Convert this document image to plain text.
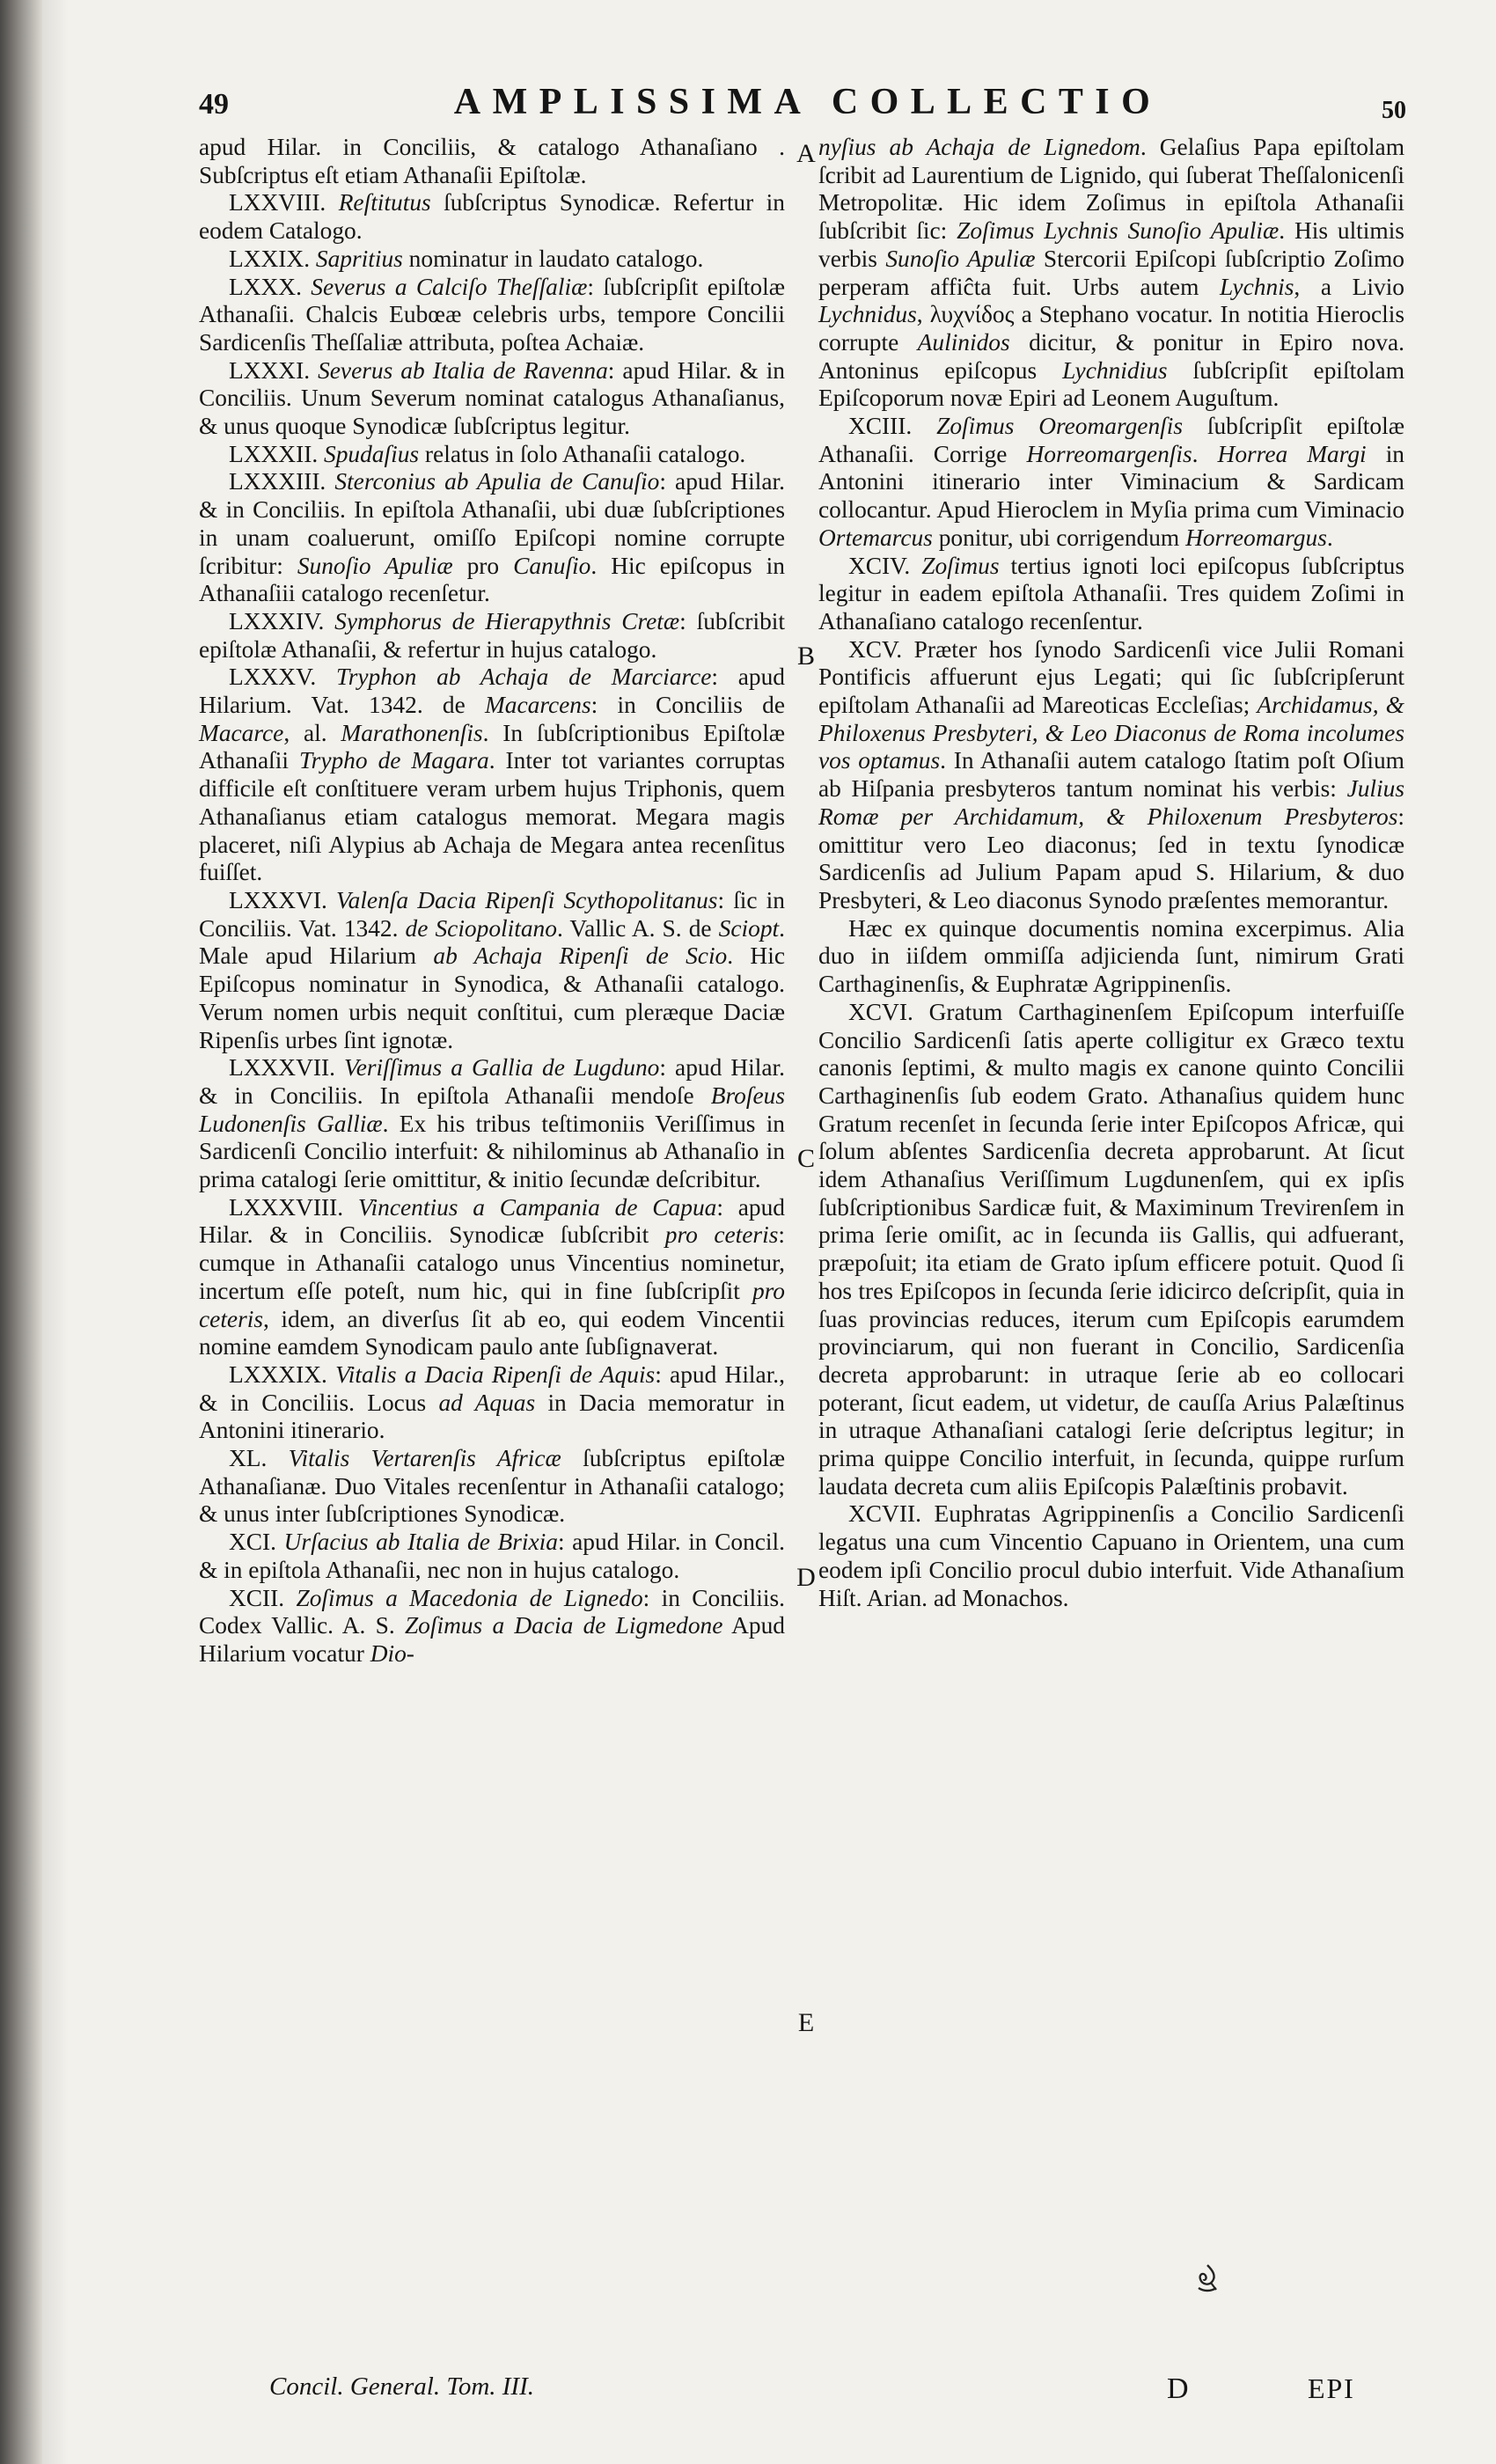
49	AMPLISSIMA COLLECTIO	50

apud Hilar. in Conciliis, & catalogo Athanaſiano . Subſcriptus eſt etiam Athanaſii Epiſtolæ.

LXXVIII. Reſtitutus ſubſcriptus Synodicæ. Refertur in eodem Catalogo.

LXXIX. Sapritius nominatur in laudato catalogo.

LXXX. Severus a Calciſo Theſſaliæ: ſubſcripſit epiſtolæ Athanaſii. Chalcis Eubœæ celebris urbs, tempore Concilii Sardicenſis Theſſaliæ attributa, poſtea Achaiæ.

LXXXI. Severus ab Italia de Ravenna: apud Hilar. & in Conciliis. Unum Severum nominat catalogus Athanaſianus, & unus quoque Synodicæ ſubſcriptus legitur.

LXXXII. Spudaſius relatus in ſolo Athanaſii catalogo.

LXXXIII. Sterconius ab Apulia de Canuſio: apud Hilar. & in Conciliis. In epiſtola Athanaſii, ubi duæ ſubſcriptiones in unam coaluerunt, omiſſo Epiſcopi nomine corrupte ſcribitur: Sunoſio Apuliæ pro Canuſio. Hic epiſcopus in Athanaſiii catalogo recenſetur.

LXXXIV. Symphorus de Hierapythnis Cretæ: ſubſcribit epiſtolæ Athanaſii, & refertur in hujus catalogo.

LXXXV. Tryphon ab Achaja de Marciarce: apud Hilarium. Vat. 1342. de Macarcens: in Conciliis de Macarce, al. Marathonenſis. In ſubſcriptionibus Epiſtolæ Athanaſii Trypho de Magara. Inter tot variantes corruptas difficile eſt conſtituere veram urbem hujus Triphonis, quem Athanaſianus etiam catalogus memorat. Megara magis placeret, niſi Alypius ab Achaja de Megara antea recenſitus fuiſſet.

LXXXVI. Valenſa Dacia Ripenſi Scythopolitanus: ſic in Conciliis. Vat. 1342. de Sciopolitano. Vallic A. S. de Sciopt. Male apud Hilarium ab Achaja Ripenſi de Scio. Hic Epiſcopus nominatur in Synodica, & Athanaſii catalogo. Verum nomen urbis nequit conſtitui, cum pleræque Daciæ Ripenſis urbes ſint ignotæ.

LXXXVII. Veriſſimus a Gallia de Lugduno: apud Hilar. & in Conciliis. In epiſtola Athanaſii mendoſe Broſeus Ludonenſis Galliæ. Ex his tribus teſtimoniis Veriſſimus in Sardicenſi Concilio interfuit: & nihilominus ab Athanaſio in prima catalogi ſerie omittitur, & initio ſecundæ deſcribitur.

LXXXVIII. Vincentius a Campania de Capua: apud Hilar. & in Conciliis. Synodicæ ſubſcribit pro ceteris: cumque in Athanaſii catalogo unus Vincentius nominetur, incertum eſſe poteſt, num hic, qui in fine ſubſcripſit pro ceteris, idem, an diverſus ſit ab eo, qui eodem Vincentii nomine eamdem Synodicam paulo ante ſubſignaverat.

LXXXIX. Vitalis a Dacia Ripenſi de Aquis: apud Hilar., & in Conciliis. Locus ad Aquas in Dacia memoratur in Antonini itinerario.

XL. Vitalis Vertarenſis Africæ ſubſcriptus epiſtolæ Athanaſianæ. Duo Vitales recenſentur in Athanaſii catalogo; & unus inter ſubſcriptiones Synodicæ.

XCI. Urſacius ab Italia de Brixia: apud Hilar. in Concil. & in epiſtola Athanaſii, nec non in hujus catalogo.

XCII. Zoſimus a Macedonia de Lignedo: in Conciliis. Codex Vallic. A. S. Zoſimus a Dacia de Ligmedone Apud Hilarium vocatur Dio-

nyſius ab Achaja de Lignedom. Gelaſius Papa epiſtolam ſcribit ad Laurentium de Lignido, qui ſuberat Theſſalonicenſi Metropolitæ. Hic idem Zoſimus in epiſtola Athanaſii ſubſcribit ſic: Zoſimus Lychnis Sunoſio Apuliæ. His ultimis verbis Sunoſio Apuliæ Stercorii Epiſcopi ſubſcriptio Zoſimo perperam affiĉta fuit. Urbs autem Lychnis, a Livio Lychnidus, λυχνίδος a Stephano vocatur. In notitia Hieroclis corrupte Aulinidos dicitur, & ponitur in Epiro nova. Antoninus epiſcopus Lychnidius ſubſcripſit epiſtolam Epiſcoporum novæ Epiri ad Leonem Auguſtum.

XCIII. Zoſimus Oreomargenſis ſubſcripſit epiſtolæ Athanaſii. Corrige Horreomargenſis. Horrea Margi in Antonini itinerario inter Viminacium & Sardicam collocantur. Apud Hieroclem in Myſia prima cum Viminacio Ortemarcus ponitur, ubi corrigendum Horreomargus.

XCIV. Zoſimus tertius ignoti loci epiſcopus ſubſcriptus legitur in eadem epiſtola Athanaſii. Tres quidem Zoſimi in Athanaſiano catalogo recenſentur.

XCV. Præter hos ſynodo Sardicenſi vice Julii Romani Pontificis affuerunt ejus Legati; qui ſic ſubſcripſerunt epiſtolam Athanaſii ad Mareoticas Eccleſias; Archidamus, & Philoxenus Presbyteri, & Leo Diaconus de Roma incolumes vos optamus. In Athanaſii autem catalogo ſtatim poſt Oſium ab Hiſpania presbyteros tantum nominat his verbis: Julius Romæ per Archidamum, & Philoxenum Presbyteros: omittitur vero Leo diaconus; ſed in textu ſynodicæ Sardicenſis ad Julium Papam apud S. Hilarium, & duo Presbyteri, & Leo diaconus Synodo præſentes memorantur.

Hæc ex quinque documentis nomina excerpimus. Alia duo in iiſdem ommiſſa adjicienda ſunt, nimirum Grati Carthaginenſis, & Euphratæ Agrippinenſis.

XCVI. Gratum Carthaginenſem Epiſcopum interfuiſſe Concilio Sardicenſi ſatis aperte colligitur ex Græco textu canonis ſeptimi, & multo magis ex canone quinto Concilii Carthaginenſis ſub eodem Grato. Athanaſius quidem hunc Gratum recenſet in ſecunda ſerie inter Epiſcopos Africæ, qui ſolum abſentes Sardicenſia decreta approbarunt. At ſicut idem Athanaſius Veriſſimum Lugdunenſem, qui ex ipſis ſubſcriptionibus Sardicæ fuit, & Maximinum Trevirenſem in prima ſerie omiſit, ac in ſecunda iis Gallis, qui adfuerant, præpoſuit; ita etiam de Grato ipſum efficere potuit. Quod ſi hos tres Epiſcopos in ſecunda ſerie idicirco deſcripſit, quia in ſuas provincias reduces, iterum cum Epiſcopis earumdem provinciarum, qui non fuerant in Concilio, Sardicenſia decreta approbarunt: in utraque ſerie ab eo collocari poterant, ſicut eadem, ut videtur, de cauſſa Arius Palæſtinus in utraque Athanaſiani catalogi ſerie deſcriptus legitur; in prima quippe Concilio interfuit, in ſecunda, quippe rurſum laudata decreta cum aliis Epiſcopis Palæſtinis probavit.

XCVII. Euphratas Agrippinenſis a Concilio Sardicenſi legatus una cum Vincentio Capuano in Orientem, una cum eodem ipſi Concilio procul dubio interfuit. Vide Athanaſium Hiſt. Arian. ad Monachos.

A
B
C
D
E
Concil. General. Tom. III.	D	EPI
